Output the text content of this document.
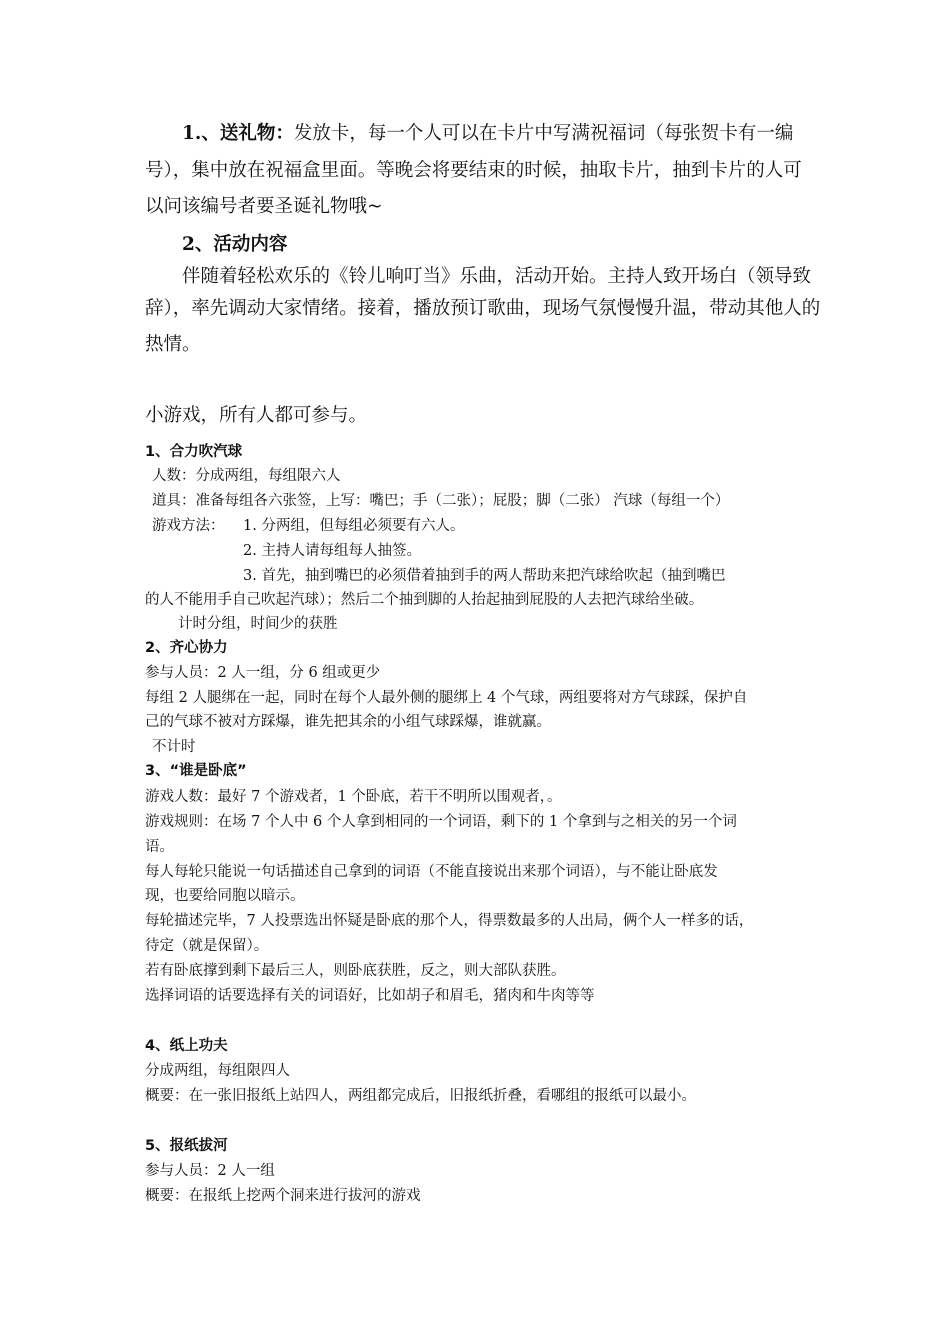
1.、送礼物：发放卡，每一个人可以在卡片中写满祝福词（每张贺卡有一编
号），集中放在祝福盒里面。等晚会将要结束的时候，抽取卡片，抽到卡片的人可
以问该编号者要圣诞礼物哦~
2、活动内容
伴随着轻松欢乐的《铃儿响叮当》乐曲，活动开始。主持人致开场白（领导致
辞），率先调动大家情绪。接着，播放预订歌曲，现场气氛慢慢升温，带动其他人的
热情。
小游戏，所有人都可参与。
1、合力吹汽球
人数：分成两组，每组限六人
道具：准备每组各六张签，上写：嘴巴；手（二张）；屁股；脚（二张） 汽球（每组一个）
游戏方法： 1. 分两组，但每组必须要有六人。
2. 主持人请每组每人抽签。
3. 首先，抽到嘴巴的必须借着抽到手的两人帮助来把汽球给吹起（抽到嘴巴
的人不能用手自己吹起汽球）；然后二个抽到脚的人抬起抽到屁股的人去把汽球给坐破。
计时分组，时间少的获胜
2、齐心协力
参与人员：2 人一组，分 6 组或更少
每组 2 人腿绑在一起，同时在每个人最外侧的腿绑上 4 个气球，两组要将对方气球踩，保护自
己的气球不被对方踩爆，谁先把其余的小组气球踩爆，谁就赢。
不计时
3、“谁是卧底”
游戏人数：最好 7 个游戏者，1 个卧底，若干不明所以围观者，。
游戏规则：在场 7 个人中 6 个人拿到相同的一个词语，剩下的 1 个拿到与之相关的另一个词
语。
每人每轮只能说一句话描述自己拿到的词语（不能直接说出来那个词语），与不能让卧底发
现，也要给同胞以暗示。
每轮描述完毕，7 人投票选出怀疑是卧底的那个人，得票数最多的人出局，俩个人一样多的话，
待定（就是保留）。
若有卧底撑到剩下最后三人，则卧底获胜，反之，则大部队获胜。
选择词语的话要选择有关的词语好，比如胡子和眉毛，猪肉和牛肉等等
4、纸上功夫
分成两组，每组限四人
概要：在一张旧报纸上站四人，两组都完成后，旧报纸折叠，看哪组的报纸可以最小。
5、报纸拔河
参与人员：2 人一组
概要：在报纸上挖两个洞来进行拔河的游戏
